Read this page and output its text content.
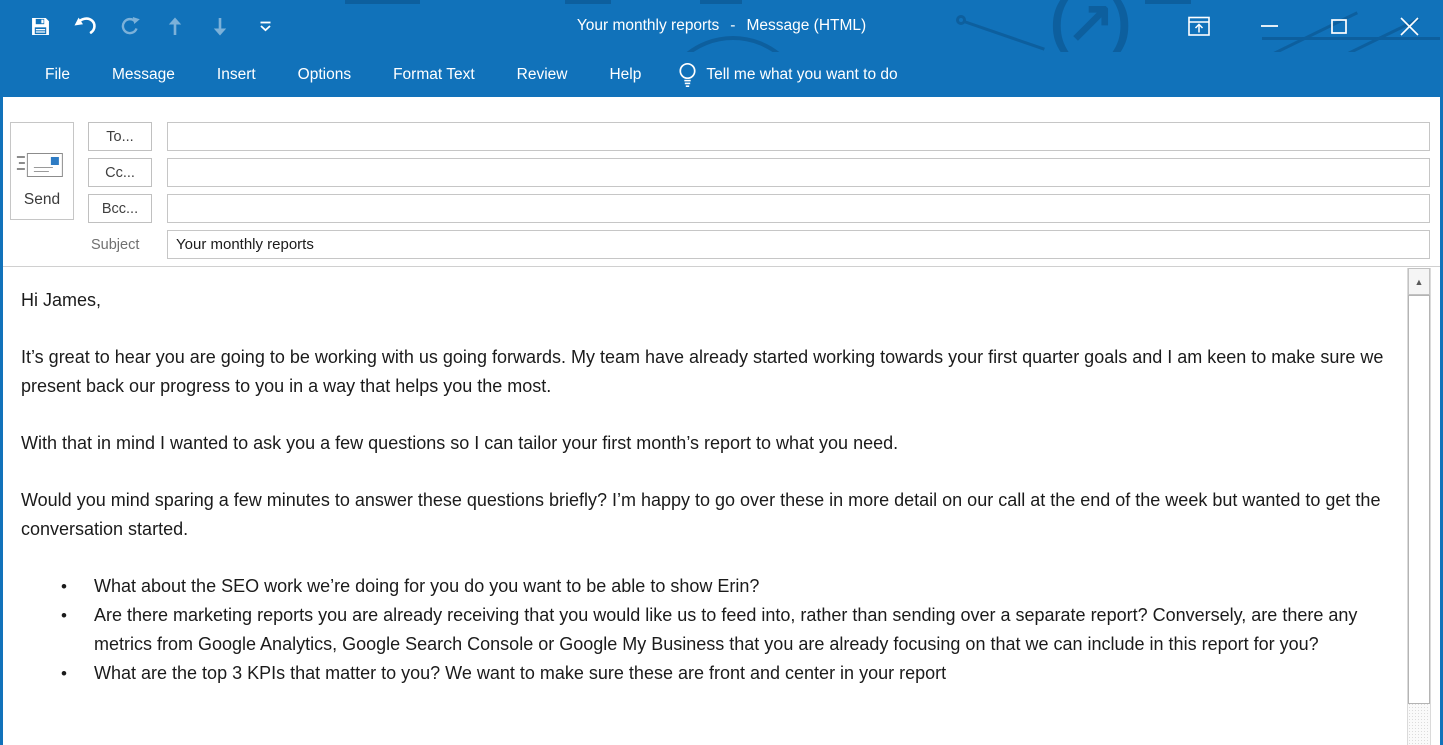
(↗)
Your monthly reports - Message (HTML)
File	Message	Insert	Options	Format Text	Review	Help	Tell me what you want to do
Send
To...
Cc...
Bcc...
Subject
Your monthly reports

Hi James,

It’s great to hear you are going to be working with us going forwards. My team have already started working towards your first quarter goals and I am keen to make sure we present back our progress to you in a way that helps you the most.

With that in mind I wanted to ask you a few questions so I can tailor your first month’s report to what you need.

Would you mind sparing a few minutes to answer these questions briefly? I’m happy to go over these in more detail on our call at the end of the week but wanted to get the conversation started.

•	What about the SEO work we’re doing for you do you want to be able to show Erin?
•	Are there marketing reports you are already receiving that you would like us to feed into, rather than sending over a separate report? Conversely, are there any metrics from Google Analytics, Google Search Console or Google My Business that you are already focusing on that we can include in this report for you?
•	What are the top 3 KPIs that matter to you? We want to make sure these are front and center in your report
▲
